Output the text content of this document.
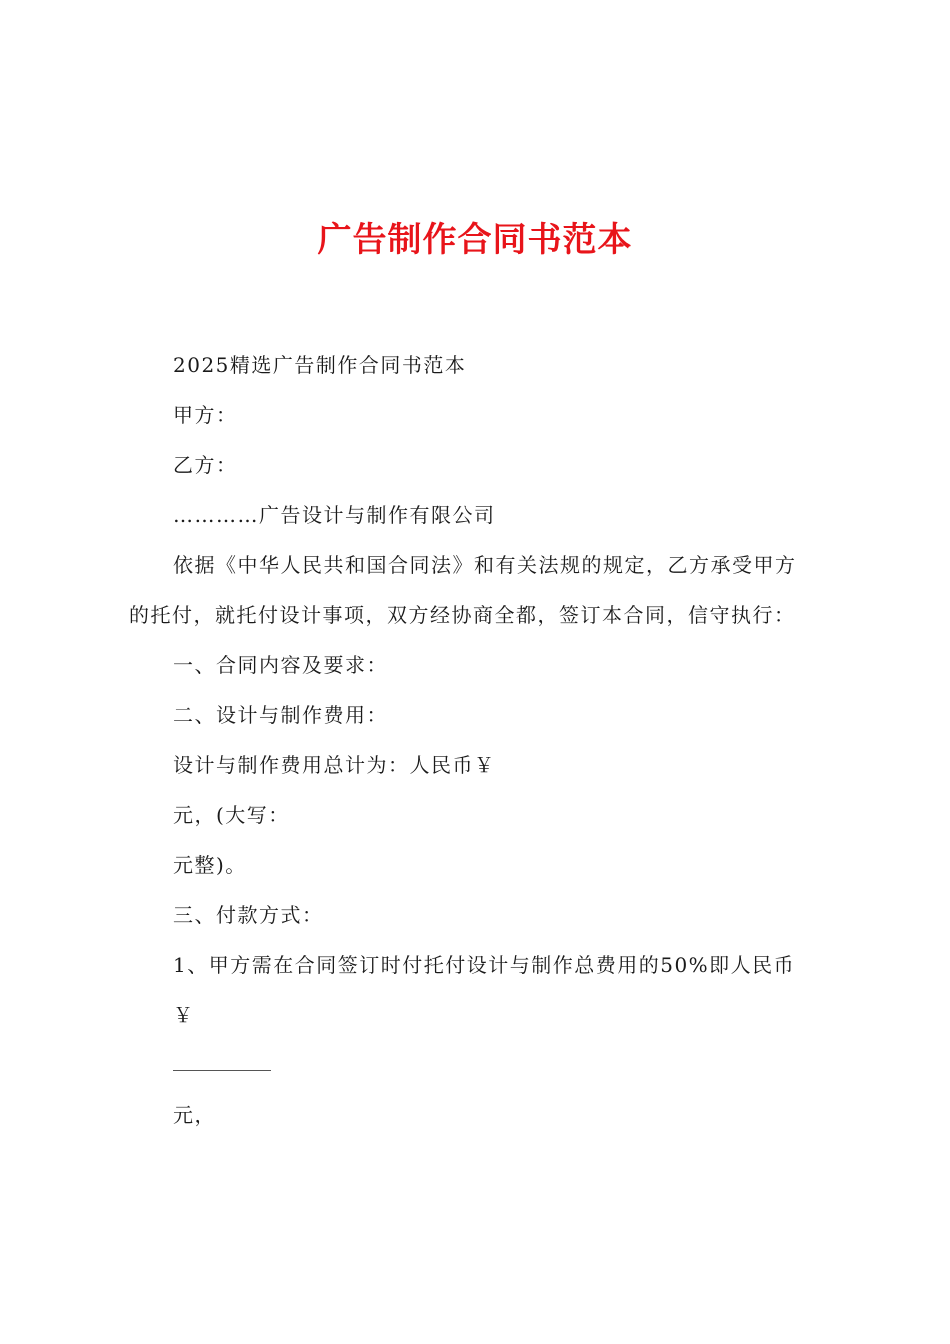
广告制作合同书范本

2025精选广告制作合同书范本

甲方：

乙方：

…………广告设计与制作有限公司

依据《中华人民共和国合同法》和有关法规的规定，乙方承受甲方

的托付，就托付设计事项，双方经协商全都，签订本合同，信守执行：

一、合同内容及要求：

二、设计与制作费用：

设计与制作费用总计为：人民币￥

元，(大写：

元整)。

三、付款方式：

1、甲方需在合同签订时付托付设计与制作总费用的50%即人民币

￥

元，
